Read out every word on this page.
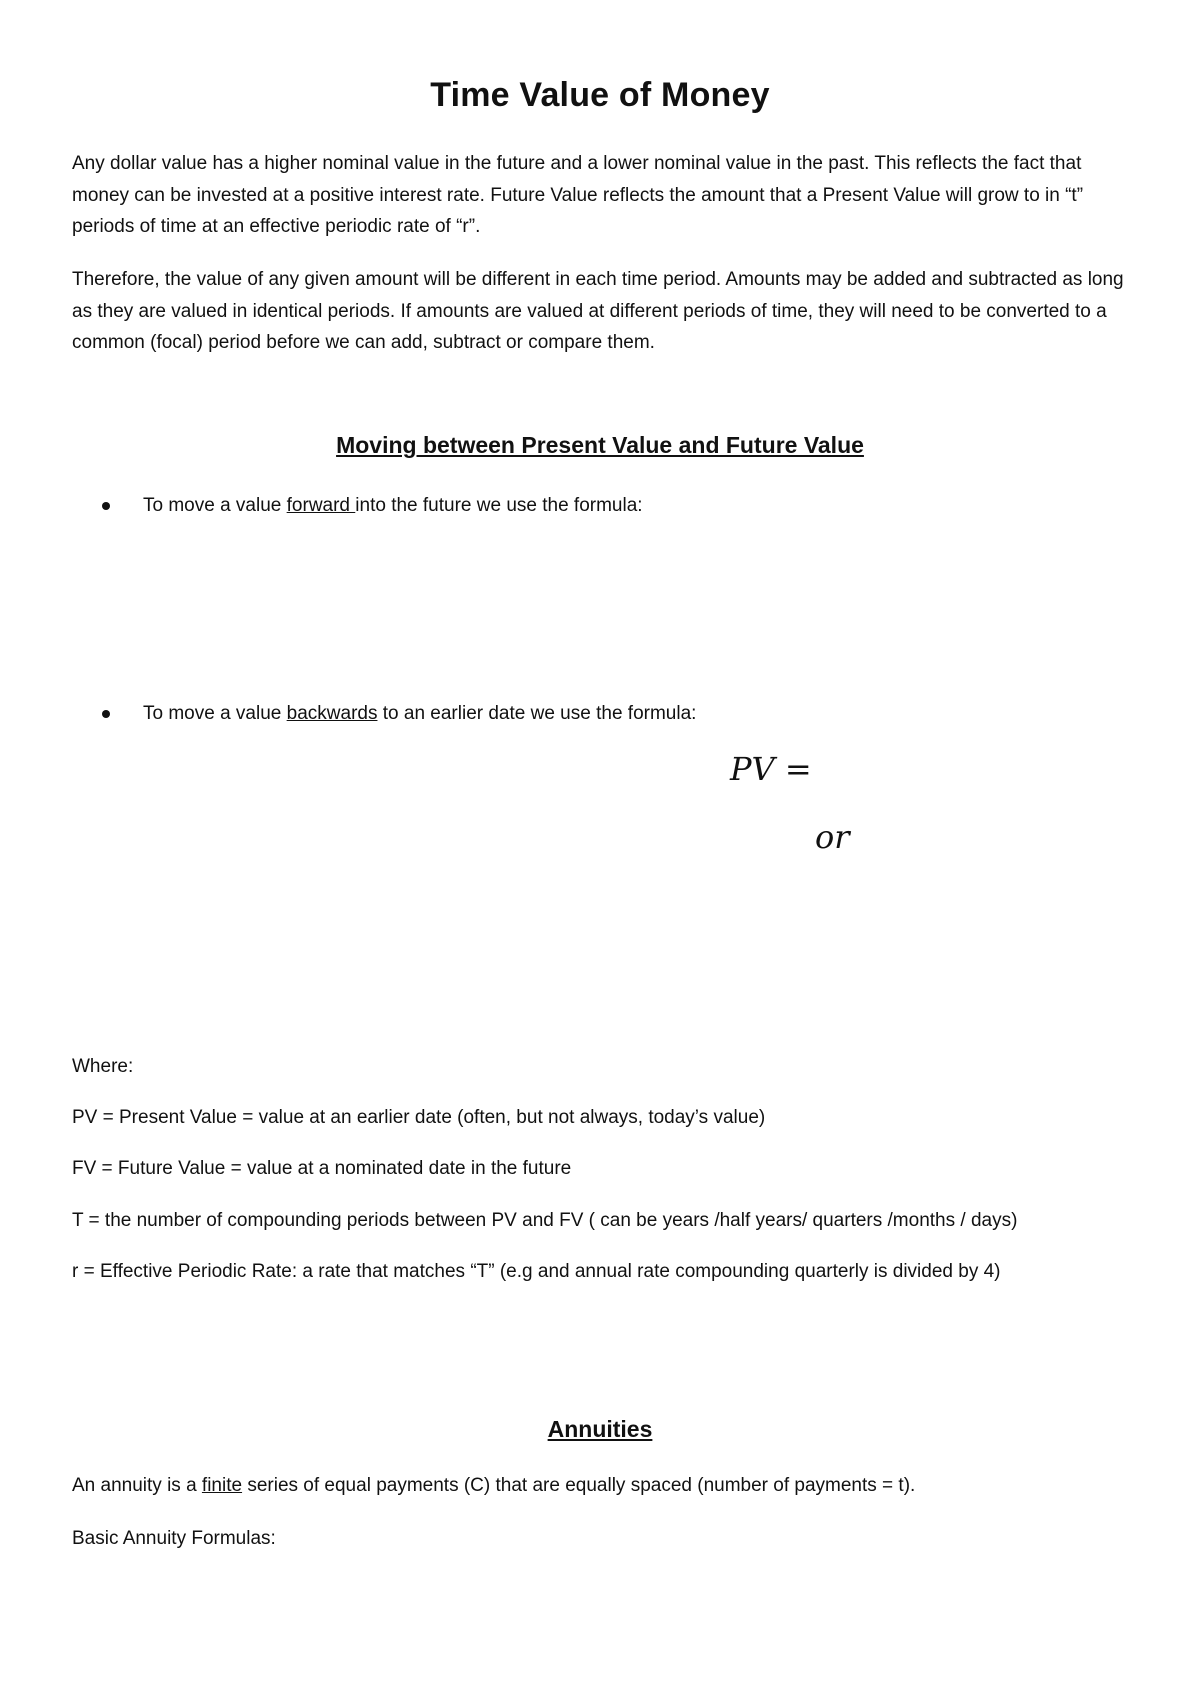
Time Value of Money

Any dollar value has a higher nominal value in the future and a lower nominal value in the past. This reflects the fact that money can be invested at a positive interest rate. Future Value reflects the amount that a Present Value will grow to in “t” periods of time at an effective periodic rate of “r”.

Therefore, the value of any given amount will be different in each time period. Amounts may be added and subtracted as long as they are valued in identical periods. If amounts are valued at different periods of time, they will need to be converted to a common (focal) period before we can add, subtract or compare them.

Moving between Present Value and Future Value
To move a value forward into the future we use the formula:
To move a value backwards to an earlier date we use the formula:
PV =
or

Where:

PV = Present Value = value at an earlier date (often, but not always, today’s value)

FV = Future Value = value at a nominated date in the future

T = the number of compounding periods between PV and FV ( can be years /half years/ quarters /months / days)

r = Effective Periodic Rate: a rate that matches “T” (e.g and annual rate compounding quarterly is divided by 4)

Annuities

An annuity is a finite series of equal payments (C) that are equally spaced (number of payments = t).

Basic Annuity Formulas:
